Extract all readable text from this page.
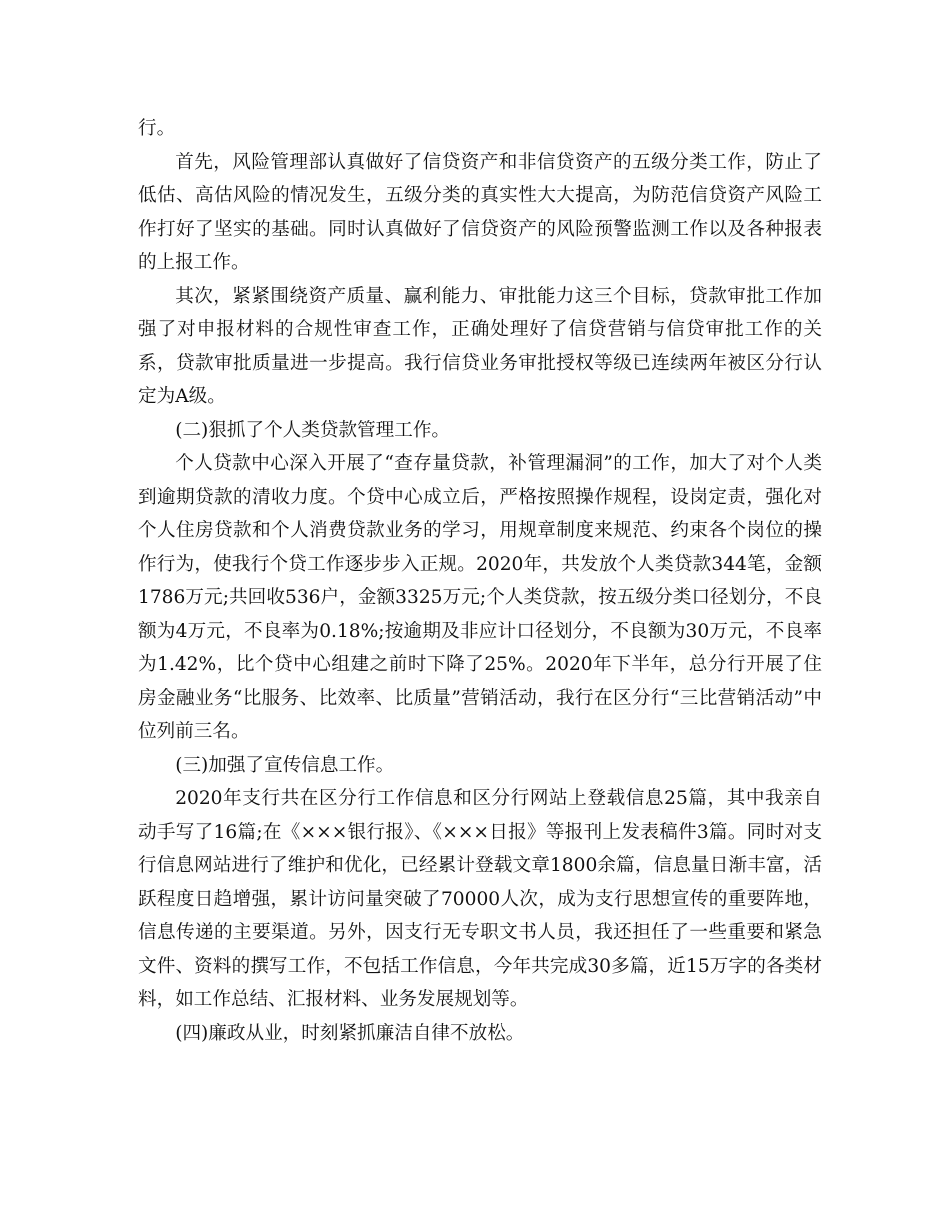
行。

首先，风险管理部认真做好了信贷资产和非信贷资产的五级分类工作，防止了低估、高估风险的情况发生，五级分类的真实性大大提高，为防范信贷资产风险工作打好了坚实的基础。同时认真做好了信贷资产的风险预警监测工作以及各种报表的上报工作。

其次，紧紧围绕资产质量、赢利能力、审批能力这三个目标，贷款审批工作加强了对申报材料的合规性审查工作，正确处理好了信贷营销与信贷审批工作的关系，贷款审批质量进一步提高。我行信贷业务审批授权等级已连续两年被区分行认定为A级。

(二)狠抓了个人类贷款管理工作。

个人贷款中心深入开展了“查存量贷款，补管理漏洞”的工作，加大了对个人类到逾期贷款的清收力度。个贷中心成立后，严格按照操作规程，设岗定责，强化对个人住房贷款和个人消费贷款业务的学习，用规章制度来规范、约束各个岗位的操作行为，使我行个贷工作逐步步入正规。2020年，共发放个人类贷款344笔，金额1786万元;共回收536户，金额3325万元;个人类贷款，按五级分类口径划分，不良额为4万元，不良率为0.18%;按逾期及非应计口径划分，不良额为30万元，不良率为1.42%，比个贷中心组建之前时下降了25%。2020年下半年，总分行开展了住房金融业务“比服务、比效率、比质量”营销活动，我行在区分行“三比营销活动”中位列前三名。

(三)加强了宣传信息工作。

2020年支行共在区分行工作信息和区分行网站上登载信息25篇，其中我亲自动手写了16篇;在《×××银行报》、《×××日报》等报刊上发表稿件3篇。同时对支行信息网站进行了维护和优化，已经累计登载文章1800余篇，信息量日渐丰富，活跃程度日趋增强，累计访问量突破了70000人次，成为支行思想宣传的重要阵地，信息传递的主要渠道。另外，因支行无专职文书人员，我还担任了一些重要和紧急文件、资料的撰写工作，不包括工作信息，今年共完成30多篇，近15万字的各类材料，如工作总结、汇报材料、业务发展规划等。

(四)廉政从业，时刻紧抓廉洁自律不放松。
